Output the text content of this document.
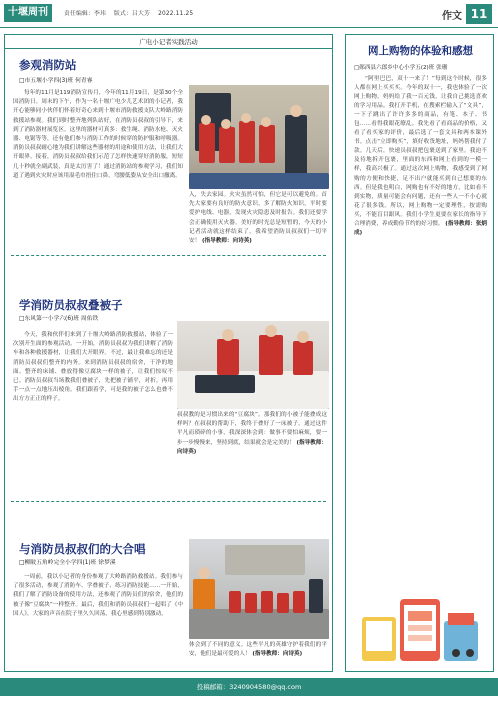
十堰周刊	责任编辑：李玮 版式：吕大芳 2022.11.25	作文 11
广电小记者实践活动
参观消防站
□市五堰小学四(3)班 何青睿
每年的11月是119消防宣传月，今年的11月19日，是第30个全国消防日。周末的下午，作为一名十堰广电少儿艺术团的小记者，我开心能够同小伙伴们怀着好奇心来到十堰市消防救援支队大岭路消防救援站参观。我们到时整齐地列队站好，在消防员叔叔的引导下，来到了消防器材展览区。这里的器材可真多：救生绳、消防水枪、灭火器、电锯等等，还有他们参与消防工作的时候穿的防护服和呼吸器。消防员叔叔耐心地为我们讲解这些器材的用途和使用方法，让我们大开眼界。接着，消防员叔叔给我们示范了怎样快速穿好消防服，短短几十秒就全副武装，真是太厉害了！通过消防站的参观学习，我们知道了遇到火灾时应该用湿毛巾捂住口鼻，弯腰低姿从安全出口撤离。
入，失去家园。火灾虽然可怕，但它是可以避免的。首先大家要有良好的防火意识，多了解防火知识，平时要爱护电线、电器，发现火灾隐患及时报告。我们还要学会正确使用灭火器。美好的时光总是短暂的，今天的小记者活动就这样结束了，我希望消防员叔叔们一切平安！ (指导教师：向诗英)
学消防员叔叔叠被子
□东风第一小学六(6)班 周佑铁
今天，我和伙伴们来到了十堰大岭路消防救援站，体验了一次别开生面的参观活动。一开始，消防员叔叔为我们讲解了消防车和各种救援器材，让我们大开眼界。不过，最让我难忘的还是消防员叔叔们整齐的内务。来到消防员叔叔的宿舍，干净的地面、整齐的床铺、叠放得像豆腐块一样的被子，让我们惊叹不已。消防员叔叔当场教我们叠被子，先把被子铺平，对折，再用手一点一点地压出棱角。我们跟着学，可是我的被子怎么也叠不出方方正正的样子。
叔叔教的是习惯出来的“豆腐块”。那我们的小被子能叠成这样吗？在叔叔的帮助下，我终于叠好了一床被子。通过这件平凡而琐碎的小事，我深深体会到：做事不要怕麻烦，要一步一步慢慢来，坚持到底，结果就会是完美的！ (指导教师：向诗英)
与消防员叔叔们的大合唱
□柳陂五角岭完全小学四(1)班 徐梦溪
一周前，我以小记者的身份参观了大岭路消防救援站。我们参与了很多活动，参观了消防车、学叠被子、练习消防技能……一开始，我们了解了消防设备的使用方法，还参观了消防员们的宿舍，他们的被子像“豆腐块”一样整齐。最后，我们和消防员叔叔们一起唱了《中国人》，大家的声音在院子里久久回荡，我心里感到特别激动。
体会到了不同的意义。这些平凡的英雄守护着我们的平安，他们是最可爱的人！ (指导教师：向诗英)
网上购物的体验和感想
□郧西县六郎乡中心小学五(2)班 张珊
“阿里巴巴，双十一来了！”每到这个时候，很多人都在网上买买买。今年的双十一，我也体验了一次网上购物。妈妈给了我一百元钱，让我自己挑选喜欢的学习用品。我打开手机，在搜索栏输入了“文具”，一下子跳出了许许多多的商品，有笔、本子、书包……看得我眼花缭乱。我先看了看商品的价格，又看了看买家的评价，最后选了一套文具和两本课外书。点击“立即购买”，填好收货地址，妈妈帮我付了款。几天后，快递员叔叔把包裹送到了家里。我迫不及待地拆开包裹，里面的东西和网上看到的一模一样，我高兴极了。通过这次网上购物，我感受到了网购的方便和快捷，足不出户就能买到自己想要的东西。但是我也明白，网购也有不好的地方，比如看不到实物，质量可能会有问题，还有一些人一不小心就花了很多钱。所以，网上购物一定要理性，按需购买，不能盲目跟风。我们小学生更要在家长的指导下合理消费，养成勤俭节约的好习惯。 (指导教师：张炳成)
投稿邮箱：3240904580@qq.com
